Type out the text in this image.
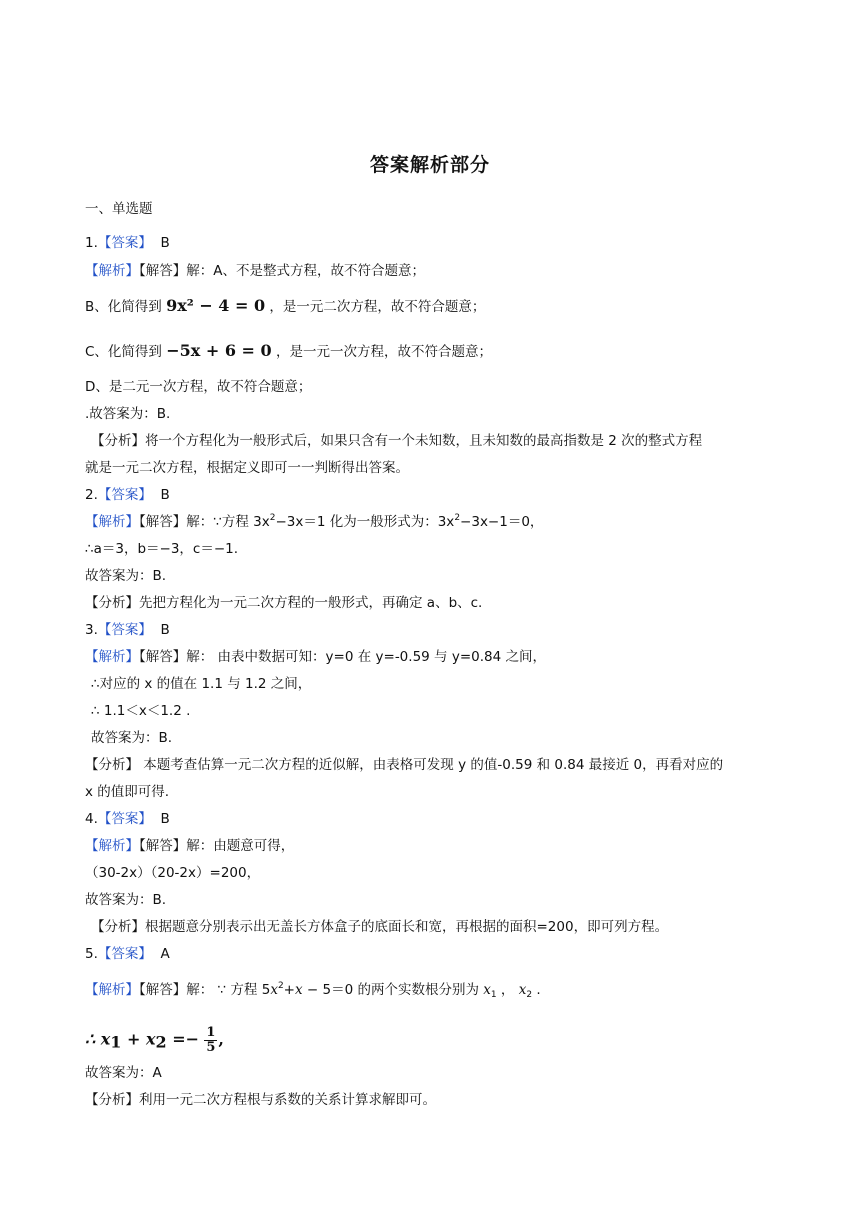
答案解析部分
一、单选题
1.【答案】 B
【解析】【解答】解：A、不是整式方程，故不符合题意；
B、化简得到 9x² − 4 = 0 ，是一元二次方程，故不符合题意；
C、化简得到 −5x + 6 = 0 ，是一元一次方程，故不符合题意；
D、是二元一次方程，故不符合题意；
.故答案为：B.
【分析】将一个方程化为一般形式后，如果只含有一个未知数，且未知数的最高指数是 2 次的整式方程
就是一元二次方程，根据定义即可一一判断得出答案。
2.【答案】 B
【解析】【解答】解：∵方程 $3x^2-3x=1$ 化为一般形式为：$3x^2-3x-1=0$，
∴a＝3，b＝−3，c＝−1.
故答案为：B.
【分析】先把方程化为一元二次方程的一般形式，再确定 a、b、c.
3.【答案】 B
【解析】【解答】解： 由表中数据可知：y=0 在 y=-0.59 与 y=0.84 之间，
∴对应的 x 的值在 1.1 与 1.2 之间，
∴ 1.1＜x＜1.2 .
故答案为：B.
【分析】 本题考查估算一元二次方程的近似解，由表格可发现 y 的值-0.59 和 0.84 最接近 0，再看对应的
x 的值即可得.
4.【答案】 B
【解析】【解答】解：由题意可得，
（30-2x）（20-2x）=200，
故答案为：B.
【分析】根据题意分别表示出无盖长方体盒子的底面长和宽，再根据的面积=200，即可列方程。
5.【答案】 A
【解析】【解答】解： ∵ 方程 $5x^2+x - 5=0$ 的两个实数根分别为 $x_1$ ， $x_2$ .
∴ $x_1 + x_2 =- \frac{1}{5}$ ,
故答案为：A
【分析】利用一元二次方程根与系数的关系计算求解即可。
